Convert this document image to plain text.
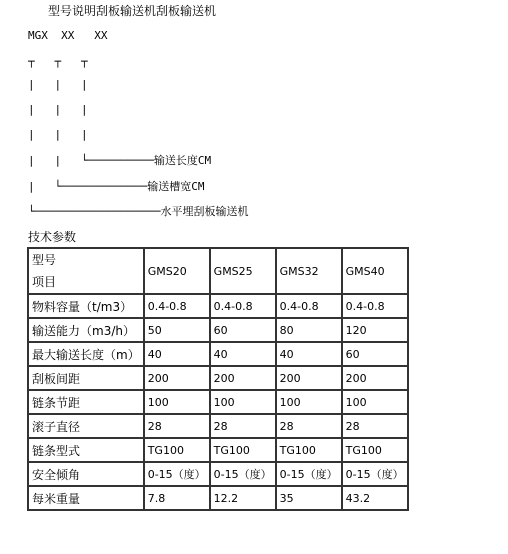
型号说明刮板输送机刮板输送机
MGX  XX   XX
┬   ┬   ┬
|   |   |
|   |   |
|   |   |
|   |   └──────────输送长度CM
|   └─────────────输送槽宽CM
└───────────────────水平埋刮板输送机
技术参数
型号
项目	GMS20	GMS25	GMS32	GMS40
物料容量（t/m3）	0.4-0.8	0.4-0.8	0.4-0.8	0.4-0.8
输送能力（m3/h）	50	60	80	120
最大输送长度（m）	40	40	40	60
刮板间距	200	200	200	200
链条节距	100	100	100	100
滚子直径	28	28	28	28
链条型式	TG100	TG100	TG100	TG100
安全倾角	0-15（度）	0-15（度）	0-15（度）	0-15（度）
每米重量	7.8	12.2	35	43.2
